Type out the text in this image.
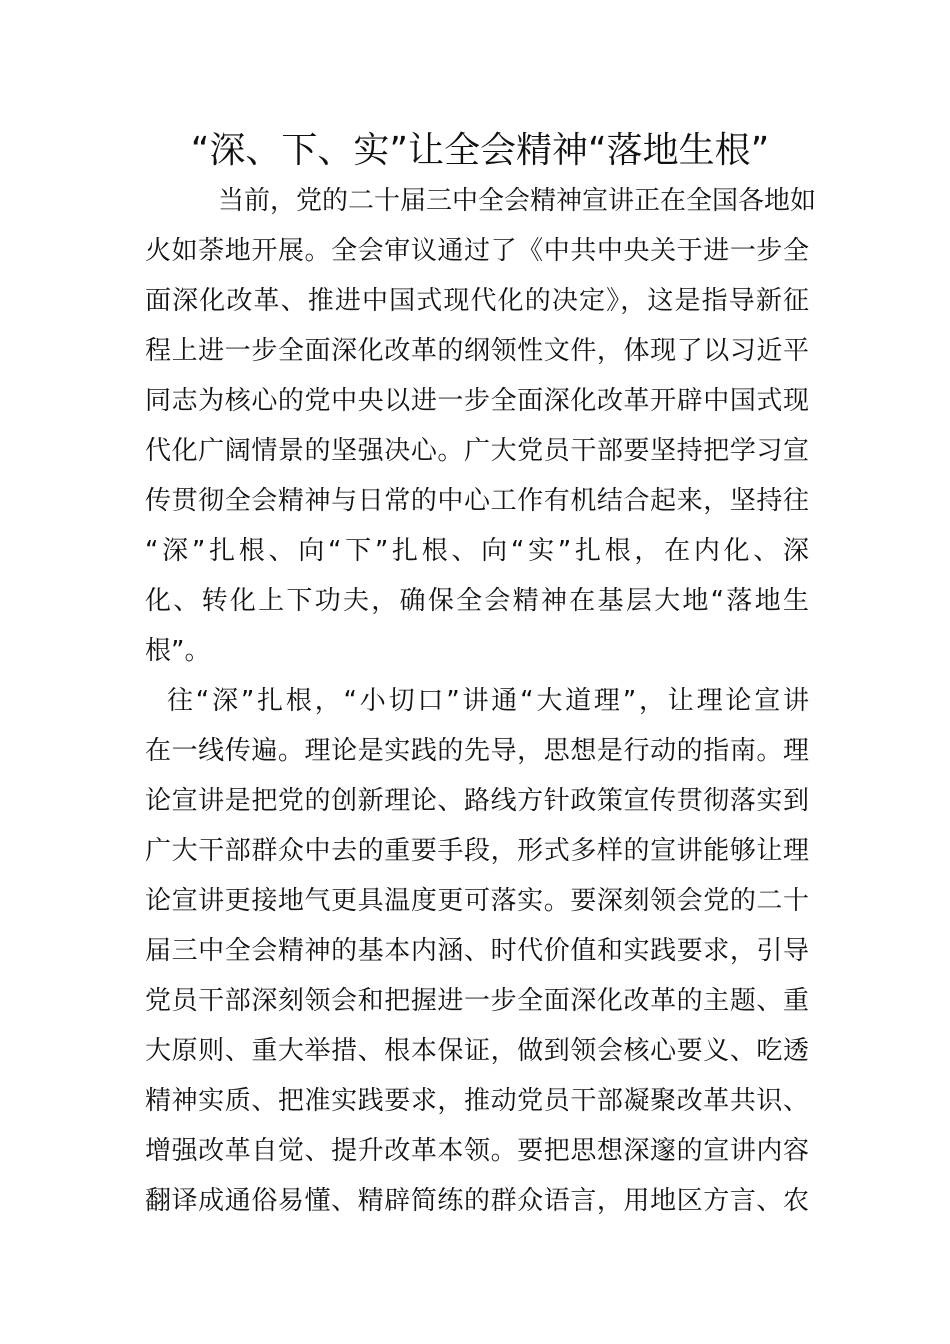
“深、下、实”让全会精神“落地生根”
当前，党的二十届三中全会精神宣讲正在全国各地如
火如荼地开展。全会审议通过了《中共中央关于进一步全
面深化改革、推进中国式现代化的决定》，这是指导新征
程上进一步全面深化改革的纲领性文件，体现了以习近平
同志为核心的党中央以进一步全面深化改革开辟中国式现
代化广阔情景的坚强决心。广大党员干部要坚持把学习宣
传贯彻全会精神与日常的中心工作有机结合起来，坚持往
“深”扎根、向“下”扎根、向“实”扎根，在内化、深
化、转化上下功夫，确保全会精神在基层大地“落地生
根”。
往“深”扎根，“小切口”讲通“大道理”，让理论宣讲
在一线传遍。理论是实践的先导，思想是行动的指南。理
论宣讲是把党的创新理论、路线方针政策宣传贯彻落实到
广大干部群众中去的重要手段，形式多样的宣讲能够让理
论宣讲更接地气更具温度更可落实。要深刻领会党的二十
届三中全会精神的基本内涵、时代价值和实践要求，引导
党员干部深刻领会和把握进一步全面深化改革的主题、重
大原则、重大举措、根本保证，做到领会核心要义、吃透
精神实质、把准实践要求，推动党员干部凝聚改革共识、
增强改革自觉、提升改革本领。要把思想深邃的宣讲内容
翻译成通俗易懂、精辟简练的群众语言，用地区方言、农
